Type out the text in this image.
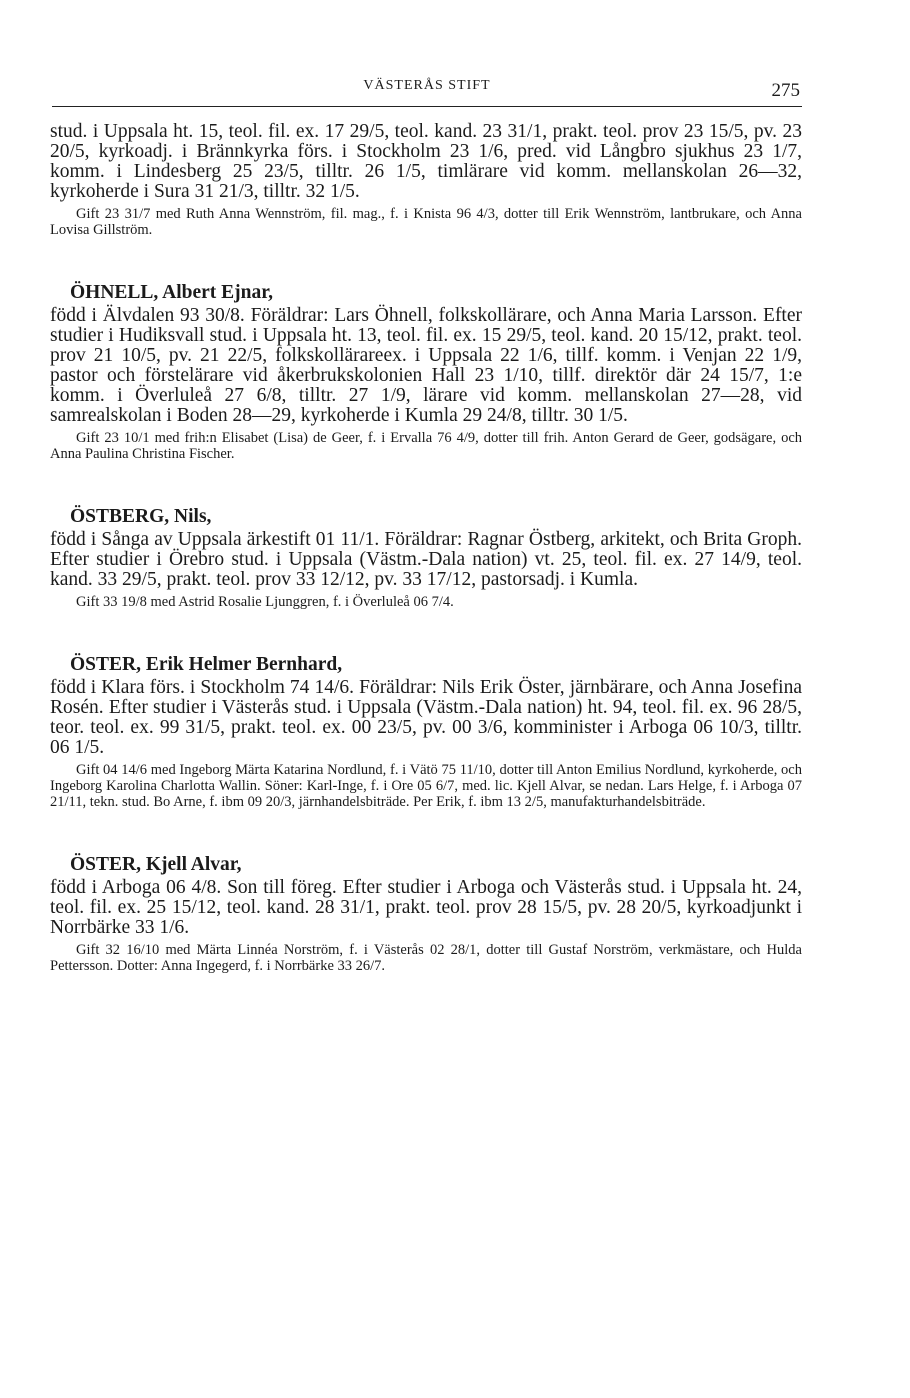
VÄSTERÅS STIFT	275

stud. i Uppsala ht. 15, teol. fil. ex. 17 29/5, teol. kand. 23 31/1, prakt. teol. prov 23 15/5, pv. 23 20/5, kyrkoadj. i Brännkyrka förs. i Stockholm 23 1/6, pred. vid Långbro sjukhus 23 1/7, komm. i Lindesberg 25 23/5, tilltr. 26 1/5, timlärare vid komm. mellanskolan 26—32, kyrkoherde i Sura 31 21/3, tilltr. 32 1/5.

Gift 23 31/7 med Ruth Anna Wennström, fil. mag., f. i Knista 96 4/3, dotter till Erik Wennström, lantbrukare, och Anna Lovisa Gillström.

ÖHNELL, Albert Ejnar,

född i Älvdalen 93 30/8. Föräldrar: Lars Öhnell, folkskollärare, och Anna Maria Larsson. Efter studier i Hudiksvall stud. i Uppsala ht. 13, teol. fil. ex. 15 29/5, teol. kand. 20 15/12, prakt. teol. prov 21 10/5, pv. 21 22/5, folkskollärareex. i Uppsala 22 1/6, tillf. komm. i Venjan 22 1/9, pastor och förstelärare vid åkerbrukskolonien Hall 23 1/10, tillf. direktör där 24 15/7, 1:e komm. i Överluleå 27 6/8, tilltr. 27 1/9, lärare vid komm. mellanskolan 27—28, vid samrealskolan i Boden 28—29, kyrkoherde i Kumla 29 24/8, tilltr. 30 1/5.

Gift 23 10/1 med frih:n Elisabet (Lisa) de Geer, f. i Ervalla 76 4/9, dotter till frih. Anton Gerard de Geer, godsägare, och Anna Paulina Christina Fischer.

ÖSTBERG, Nils,

född i Sånga av Uppsala ärkestift 01 11/1. Föräldrar: Ragnar Östberg, arkitekt, och Brita Groph. Efter studier i Örebro stud. i Uppsala (Västm.-Dala nation) vt. 25, teol. fil. ex. 27 14/9, teol. kand. 33 29/5, prakt. teol. prov 33 12/12, pv. 33 17/12, pastorsadj. i Kumla.

Gift 33 19/8 med Astrid Rosalie Ljunggren, f. i Överluleå 06 7/4.

ÖSTER, Erik Helmer Bernhard,

född i Klara förs. i Stockholm 74 14/6. Föräldrar: Nils Erik Öster, järnbärare, och Anna Josefina Rosén. Efter studier i Västerås stud. i Uppsala (Västm.-Dala nation) ht. 94, teol. fil. ex. 96 28/5, teor. teol. ex. 99 31/5, prakt. teol. ex. 00 23/5, pv. 00 3/6, komminister i Arboga 06 10/3, tilltr. 06 1/5.

Gift 04 14/6 med Ingeborg Märta Katarina Nordlund, f. i Vätö 75 11/10, dotter till Anton Emilius Nordlund, kyrkoherde, och Ingeborg Karolina Charlotta Wallin. Söner: Karl-Inge, f. i Ore 05 6/7, med. lic. Kjell Alvar, se nedan. Lars Helge, f. i Arboga 07 21/11, tekn. stud. Bo Arne, f. ibm 09 20/3, järnhandelsbiträde. Per Erik, f. ibm 13 2/5, manufakturhandelsbiträde.

ÖSTER, Kjell Alvar,

född i Arboga 06 4/8. Son till föreg. Efter studier i Arboga och Västerås stud. i Uppsala ht. 24, teol. fil. ex. 25 15/12, teol. kand. 28 31/1, prakt. teol. prov 28 15/5, pv. 28 20/5, kyrkoadjunkt i Norrbärke 33 1/6.

Gift 32 16/10 med Märta Linnéa Norström, f. i Västerås 02 28/1, dotter till Gustaf Norström, verkmästare, och Hulda Pettersson. Dotter: Anna Ingegerd, f. i Norrbärke 33 26/7.
